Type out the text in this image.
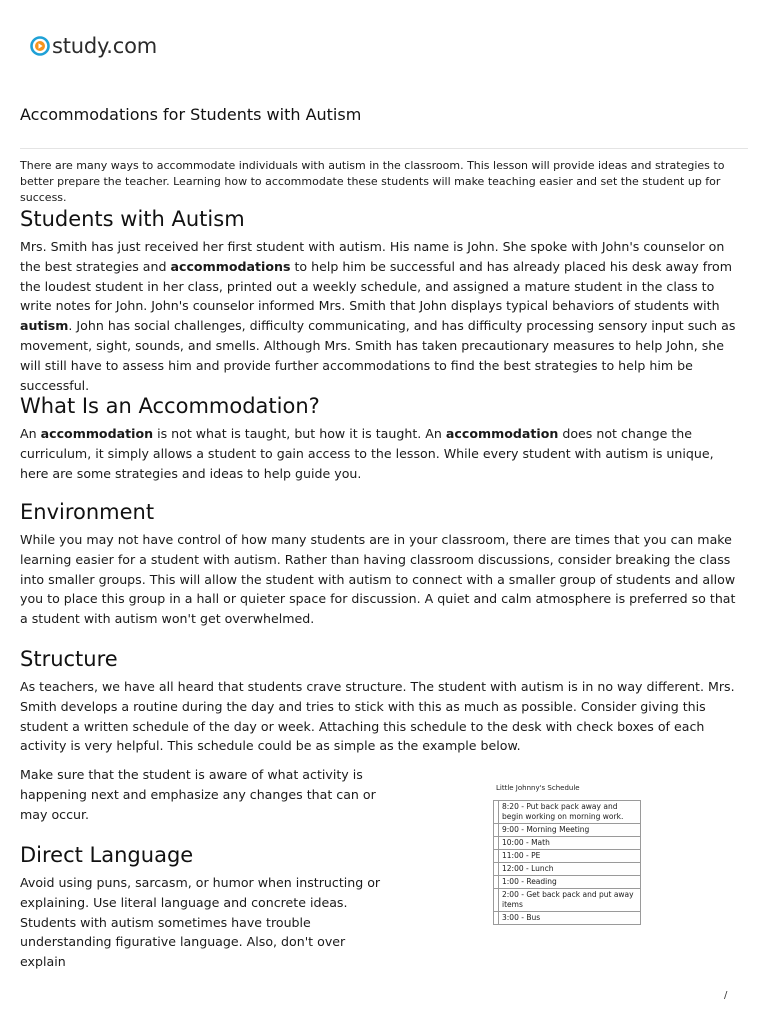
study.com
Accommodations for Students with Autism

There are many ways to accommodate individuals with autism in the classroom. This lesson will provide ideas and strategies to better prepare the teacher. Learning how to accommodate these students will make teaching easier and set the student up for success.

Students with Autism

Mrs. Smith has just received her first student with autism. His name is John. She spoke with John's counselor on the best strategies and accommodations to help him be successful and has already placed his desk away from the loudest student in her class, printed out a weekly schedule, and assigned a mature student in the class to write notes for John. John's counselor informed Mrs. Smith that John displays typical behaviors of students with autism. John has social challenges, difficulty communicating, and has difficulty processing sensory input such as movement, sight, sounds, and smells. Although Mrs. Smith has taken precautionary measures to help John, she will still have to assess him and provide further accommodations to find the best strategies to help him be successful.

What Is an Accommodation?

An accommodation is not what is taught, but how it is taught. An accommodation does not change the curriculum, it simply allows a student to gain access to the lesson. While every student with autism is unique, here are some strategies and ideas to help guide you.

Environment

While you may not have control of how many students are in your classroom, there are times that you can make learning easier for a student with autism. Rather than having classroom discussions, consider breaking the class into smaller groups. This will allow the student with autism to connect with a smaller group of students and allow you to place this group in a hall or quieter space for discussion. A quiet and calm atmosphere is preferred so that a student with autism won't get overwhelmed.

Structure

As teachers, we have all heard that students crave structure. The student with autism is in no way different. Mrs. Smith develops a routine during the day and tries to stick with this as much as possible. Consider giving this student a written schedule of the day or week. Attaching this schedule to the desk with check boxes of each activity is very helpful. This schedule could be as simple as the example below.

Make sure that the student is aware of what activity is happening next and emphasize any changes that can or may occur.

Direct Language

Avoid using puns, sarcasm, or humor when instructing or explaining. Use literal language and concrete ideas. Students with autism sometimes have trouble understanding figurative language. Also, don't over explain

Little Johnny's Schedule
	8:20 - Put back pack away and begin working on morning work.
	9:00 - Morning Meeting
	10:00 - Math
	11:00 - PE
	12:00 - Lunch
	1:00 - Reading
	2:00 - Get back pack and put away items
	3:00 - Bus
/
